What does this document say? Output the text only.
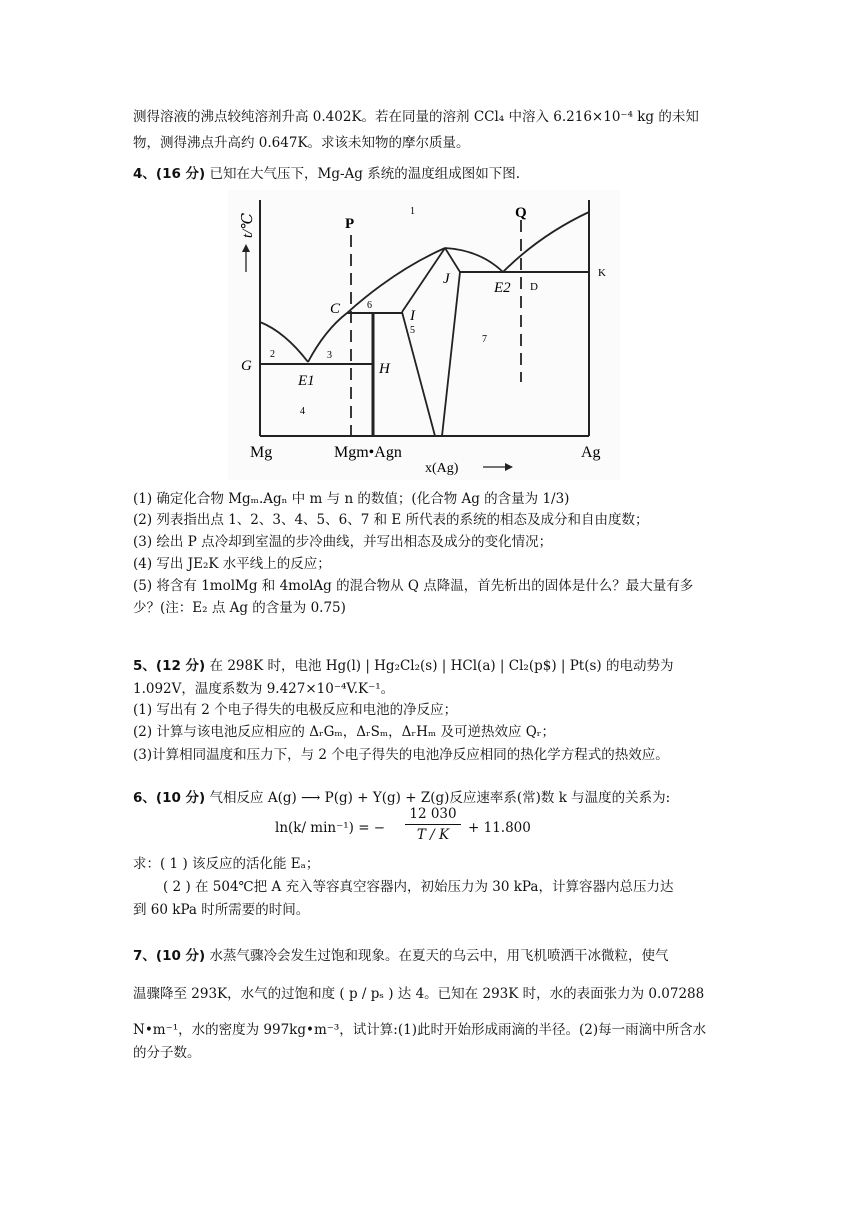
测得溶液的沸点较纯溶剂升高 0.402K。若在同量的溶剂 CCl₄ 中溶入 6.216×10⁻⁴ kg 的未知
物，测得沸点升高约 0.647K。求该未知物的摩尔质量。
4、(16 分) 已知在大气压下，Mg-Ag 系统的温度组成图如下图.
P
Q
C
G
E1
H
I
J
E2 D
K
1
2	3
4
5
6
7
t/℃
Mg	Mgm•Agn	Ag
x(Ag)
(1) 确定化合物 Mgₘ.Agₙ 中 m 与 n 的数值；(化合物 Ag 的含量为 1/3)
(2) 列表指出点 1、2、3、4、5、6、7 和 E 所代表的系统的相态及成分和自由度数；
(3) 绘出 P 点冷却到室温的步冷曲线，并写出相态及成分的变化情况；
(4) 写出 JE₂K 水平线上的反应；
(5) 将含有 1molMg 和 4molAg 的混合物从 Q 点降温，首先析出的固体是什么？最大量有多
少？(注：E₂ 点 Ag 的含量为 0.75)
5、(12 分) 在 298K 时，电池 Hg(l) | Hg₂Cl₂(s) | HCl(a) | Cl₂(p$) | Pt(s) 的电动势为
1.092V，温度系数为 9.427×10⁻⁴V.K⁻¹。
(1) 写出有 2 个电子得失的电极反应和电池的净反应；
(2) 计算与该电池反应相应的 ΔᵣGₘ，ΔᵣSₘ，ΔᵣHₘ 及可逆热效应 Qᵣ；
(3)计算相同温度和压力下，与 2 个电子得失的电池净反应相同的热化学方程式的热效应。
6、(10 分) 气相反应 A(g) ⟶ P(g) + Y(g) + Z(g)反应速率系(常)数 k 与温度的关系为:
ln(k/ min⁻¹) = −
12 030
T / K	+ 11.800
求：( 1 ) 该反应的活化能 Eₐ；
( 2 ) 在 504℃把 A 充入等容真空容器内，初始压力为 30 kPa，计算容器内总压力达
到 60 kPa 时所需要的时间。
7、(10 分) 水蒸气骤冷会发生过饱和现象。在夏天的乌云中，用飞机喷洒干冰微粒，使气
温骤降至 293K，水气的过饱和度 ( p / pₛ ) 达 4。已知在 293K 时，水的表面张力为 0.07288
N•m⁻¹，水的密度为 997kg•m⁻³，试计算:(1)此时开始形成雨滴的半径。(2)每一雨滴中所含水
的分子数。
